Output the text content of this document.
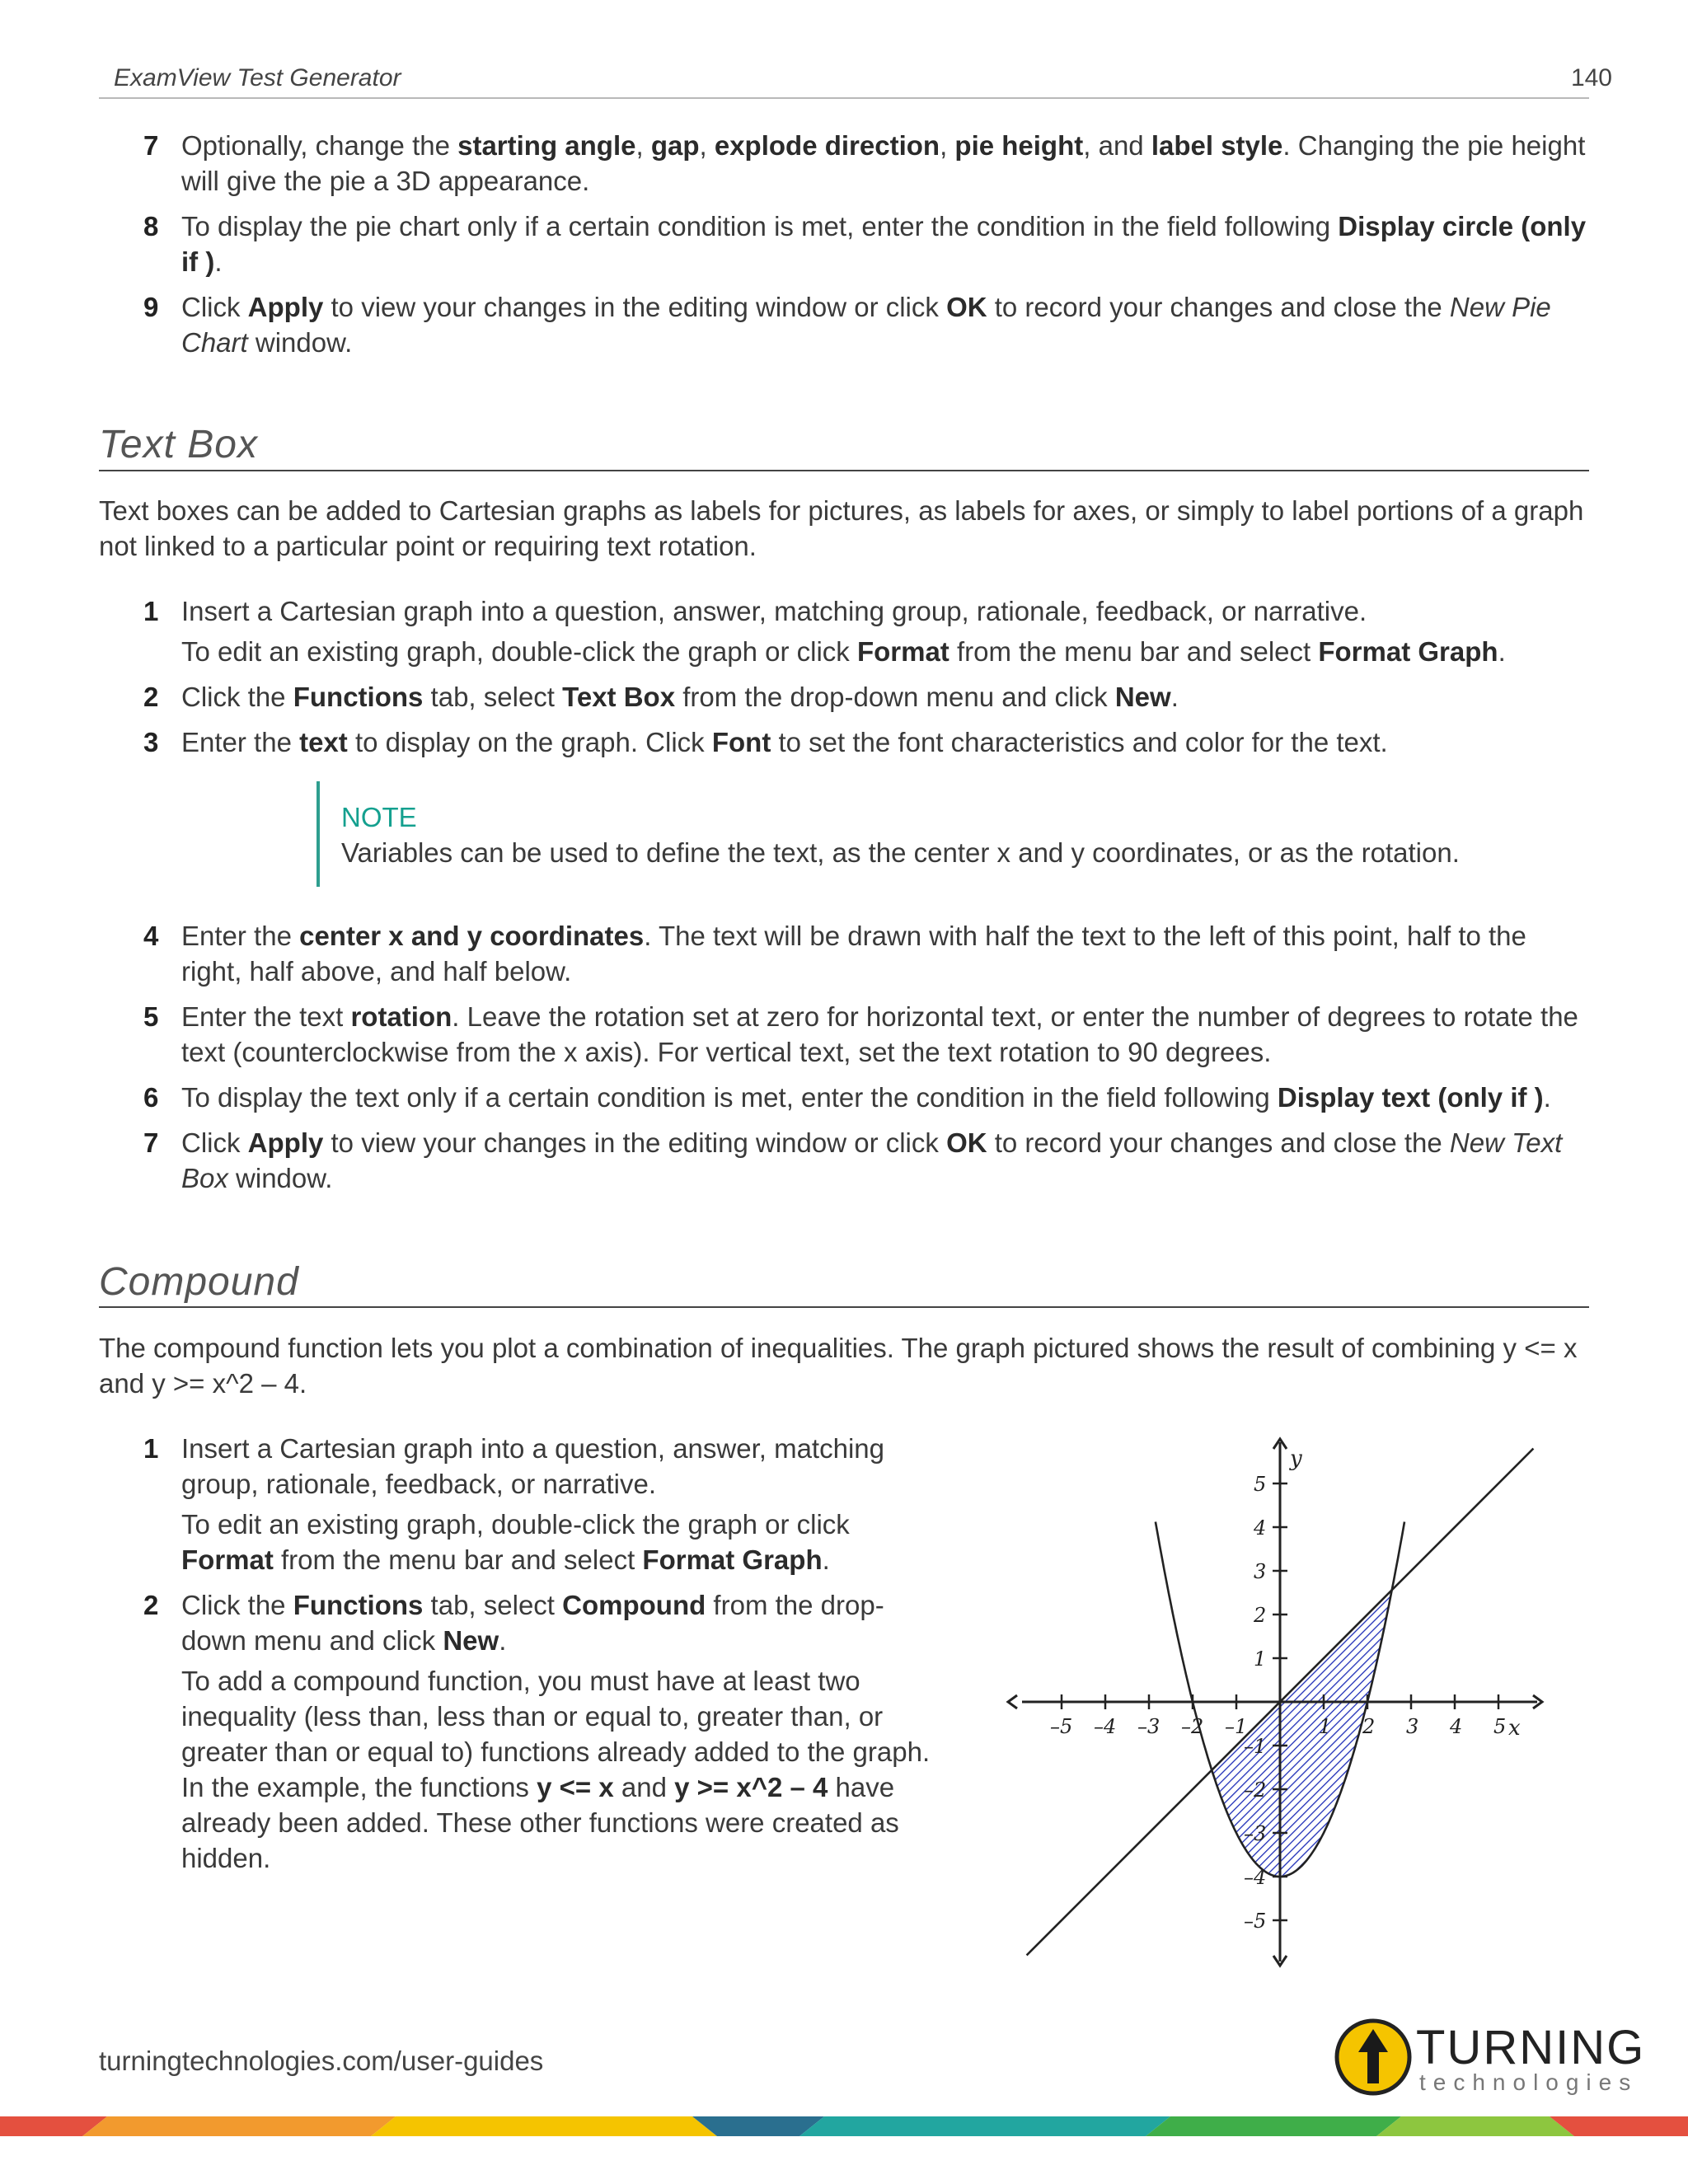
ExamView Test Generator	140
7 Optionally, change the starting angle, gap, explode direction, pie height, and label style. Changing the pie height will give the pie a 3D appearance.

8 To display the pie chart only if a certain condition is met, enter the condition in the field following Display circle (only if ).

9 Click Apply to view your changes in the editing window or click OK to record your changes and close the New Pie Chart window.

Text Box

Text boxes can be added to Cartesian graphs as labels for pictures, as labels for axes, or simply to label portions of a graph not linked to a particular point or requiring text rotation.

1 Insert a Cartesian graph into a question, answer, matching group, rationale, feedback, or narrative.

To edit an existing graph, double-click the graph or click Format from the menu bar and select Format Graph.

2 Click the Functions tab, select Text Box from the drop-down menu and click New.

3 Enter the text to display on the graph. Click Font to set the font characteristics and color for the text.

NOTE
Variables can be used to define the text, as the center x and y coordinates, or as the rotation.
4 Enter the center x and y coordinates. The text will be drawn with half the text to the left of this point, half to the right, half above, and half below.

5 Enter the text rotation. Leave the rotation set at zero for horizontal text, or enter the number of degrees to rotate the text (counterclockwise from the x axis). For vertical text, set the text rotation to 90 degrees.

6 To display the text only if a certain condition is met, enter the condition in the field following Display text (only if ).

7 Click Apply to view your changes in the editing window or click OK to record your changes and close the New Text Box window.

Compound

The compound function lets you plot a combination of inequalities. The graph pictured shows the result of combining y <= x and y >= x^2 – 4.

1 Insert a Cartesian graph into a question, answer, matching group, rationale, feedback, or narrative.

To edit an existing graph, double-click the graph or click Format from the menu bar and select Format Graph.

2 Click the Functions tab, select Compound from the drop-down menu and click New.

To add a compound function, you must have at least two inequality (less than, less than or equal to, greater than, or greater than or equal to) functions already added to the graph. In the example, the functions y <= x and y >= x^2 – 4 have already been added. These other functions were created as hidden.

–5 –4 –3 –2 –1	1 2 3 4 5
5
4
3
2
1
–1
–2
–3
–4
–5
x
y
turningtechnologies.com/user-guides	TURNING
technologies
